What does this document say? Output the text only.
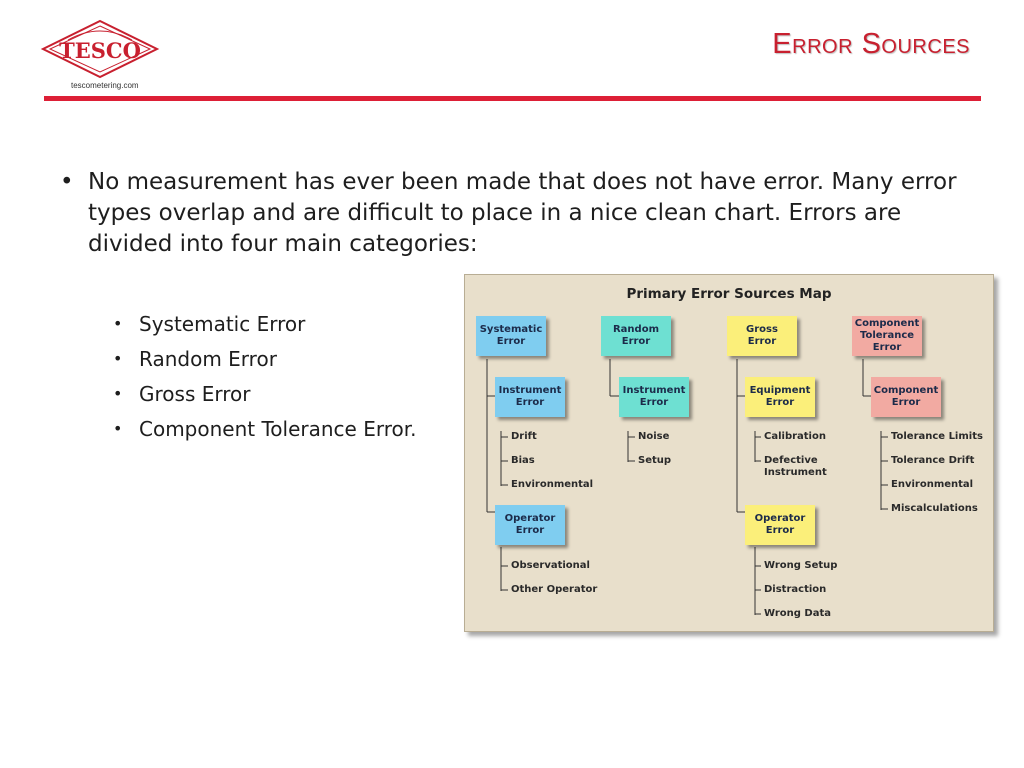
TESCO
tescometering.com
Error Sources
• No measurement has ever been made that does not have error. Many error types overlap and are difficult to place in a nice clean chart. Errors are divided into four main categories:
• Systematic Error
• Random Error
• Gross Error
• Component Tolerance Error.
Primary Error Sources Map
Systematic
Error
Instrument
Error
Drift
Bias
Environmental
Operator
Error
Observational
Other Operator
Random
Error
Instrument
Error
Noise
Setup
Gross
Error
Equipment
Error
Calibration
Defective
Instrument
Operator
Error
Wrong Setup
Distraction
Wrong Data
Component
Tolerance
Error
Component
Error
Tolerance Limits
Tolerance Drift
Environmental
Miscalculations
